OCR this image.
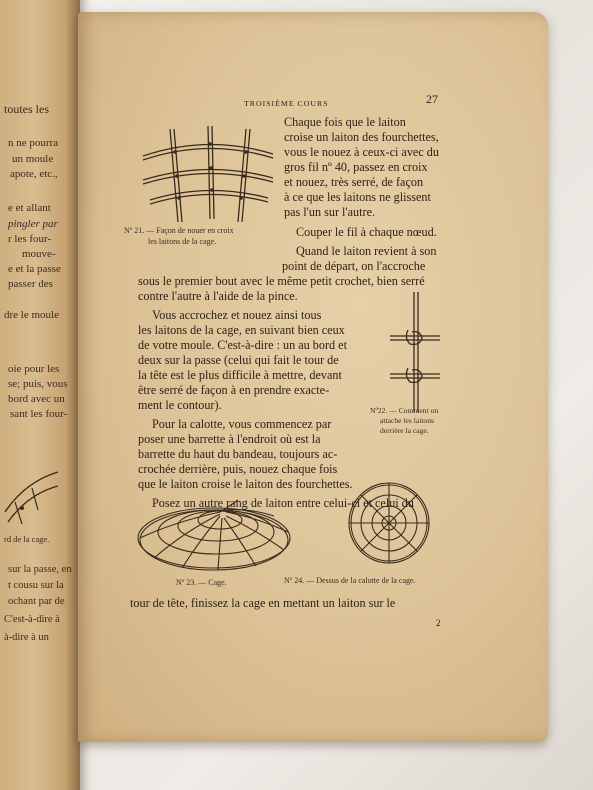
toutes les
n ne pourra
un moule
apote, etc.,
e et allant
pingler par
r les four-
mouve-
e et la passe
passer des
dre le moule
oie pour les
se; puis, vous
bord avec un
sant les four-
rd de la cage.
sur la passe, en
t cousu sur la
ochant par de
C'est-à-dire à
à-dire à un
TROISIÈME COURS	27
Nº 21. — Façon de nouer en croix
les laitons de la cage.
Chaque fois que le laiton
croise un laiton des fourchettes,
vous le nouez à ceux-ci avec du
gros fil nº 40, passez en croix
et nouez, très serré, de façon
à ce que les laitons ne glissent
pas l'un sur l'autre.
Couper le fil à chaque nœud.
Quand le laiton revient à son
point de départ, on l'accroche
sous le premier bout avec le même petit crochet, bien serré
contre l'autre à l'aide de la pince.
Vous accrochez et nouez ainsi tous
les laitons de la cage, en suivant bien ceux
de votre moule. C'est-à-dire : un au bord et
deux sur la passe (celui qui fait le tour de
la tête est le plus difficile à mettre, devant
être serré de façon à en prendre exacte-
ment le contour).
Pour la calotte, vous commencez par
poser une barrette à l'endroit où est la
barrette du haut du bandeau, toujours ac-
crochée derrière, puis, nouez chaque fois
que le laiton croise le laiton des fourchettes.
Posez un autre rang de laiton entre celui-ci et celui du
Nº22. — Comment on
attache les laitons
derrière la cage.
Nº 23. — Cage.	Nº 24. — Dessus de la calotte de la cage.
tour de tête, finissez la cage en mettant un laiton sur le
2
